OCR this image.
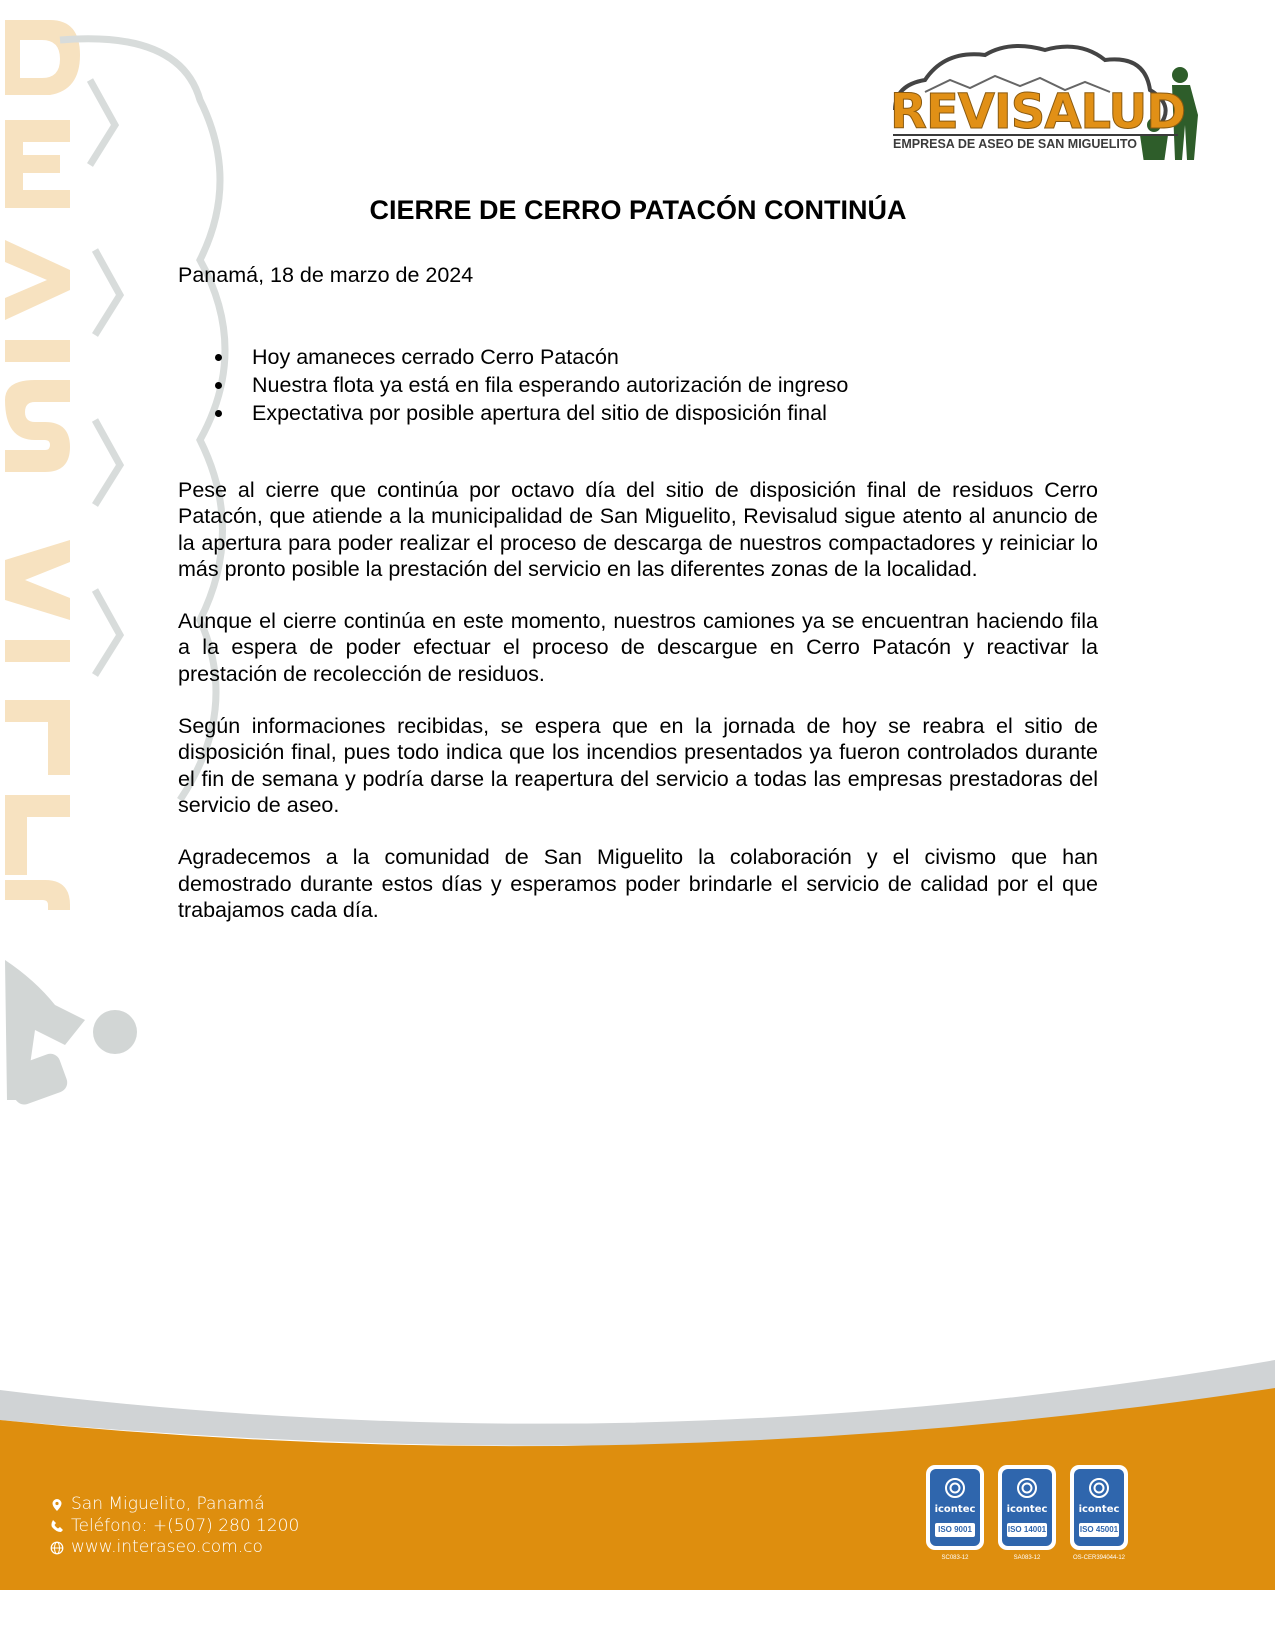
REVISALUD
EMPRESA DE ASEO DE SAN MIGUELITO
CIERRE DE CERRO PATACÓN CONTINÚA
Panamá, 18 de marzo de 2024
Hoy amaneces cerrado Cerro Patacón
Nuestra flota ya está en fila esperando autorización de ingreso
Expectativa por posible apertura del sitio de disposición final

Pese al cierre que continúa por octavo día del sitio de disposición final de residuos Cerro Patacón, que atiende a la municipalidad de San Miguelito, Revisalud sigue atento al anuncio de la apertura para poder realizar el proceso de descarga de nuestros compactadores y reiniciar lo más pronto posible la prestación del servicio en las diferentes zonas de la localidad.

Aunque el cierre continúa en este momento, nuestros camiones ya se encuentran haciendo fila a la espera de poder efectuar el proceso de descargue en Cerro Patacón y reactivar la prestación de recolección de residuos.

Según informaciones recibidas, se espera que en la jornada de hoy se reabra el sitio de disposición final, pues todo indica que los incendios presentados ya fueron controlados durante el fin de semana y podría darse la reapertura del servicio a todas las empresas prestadoras del servicio de aseo.

Agradecemos a la comunidad de San Miguelito la colaboración y el civismo que han demostrado durante estos días y esperamos poder brindarle el servicio de calidad por el que trabajamos cada día.

San Miguelito, Panamá
Teléfono: +(507) 280 1200
www.interaseo.com.co
icontec
ISO 9001
SC083-12
icontec
ISO 14001
SA083-12
icontec
ISO 45001
OS-CER394044-12
